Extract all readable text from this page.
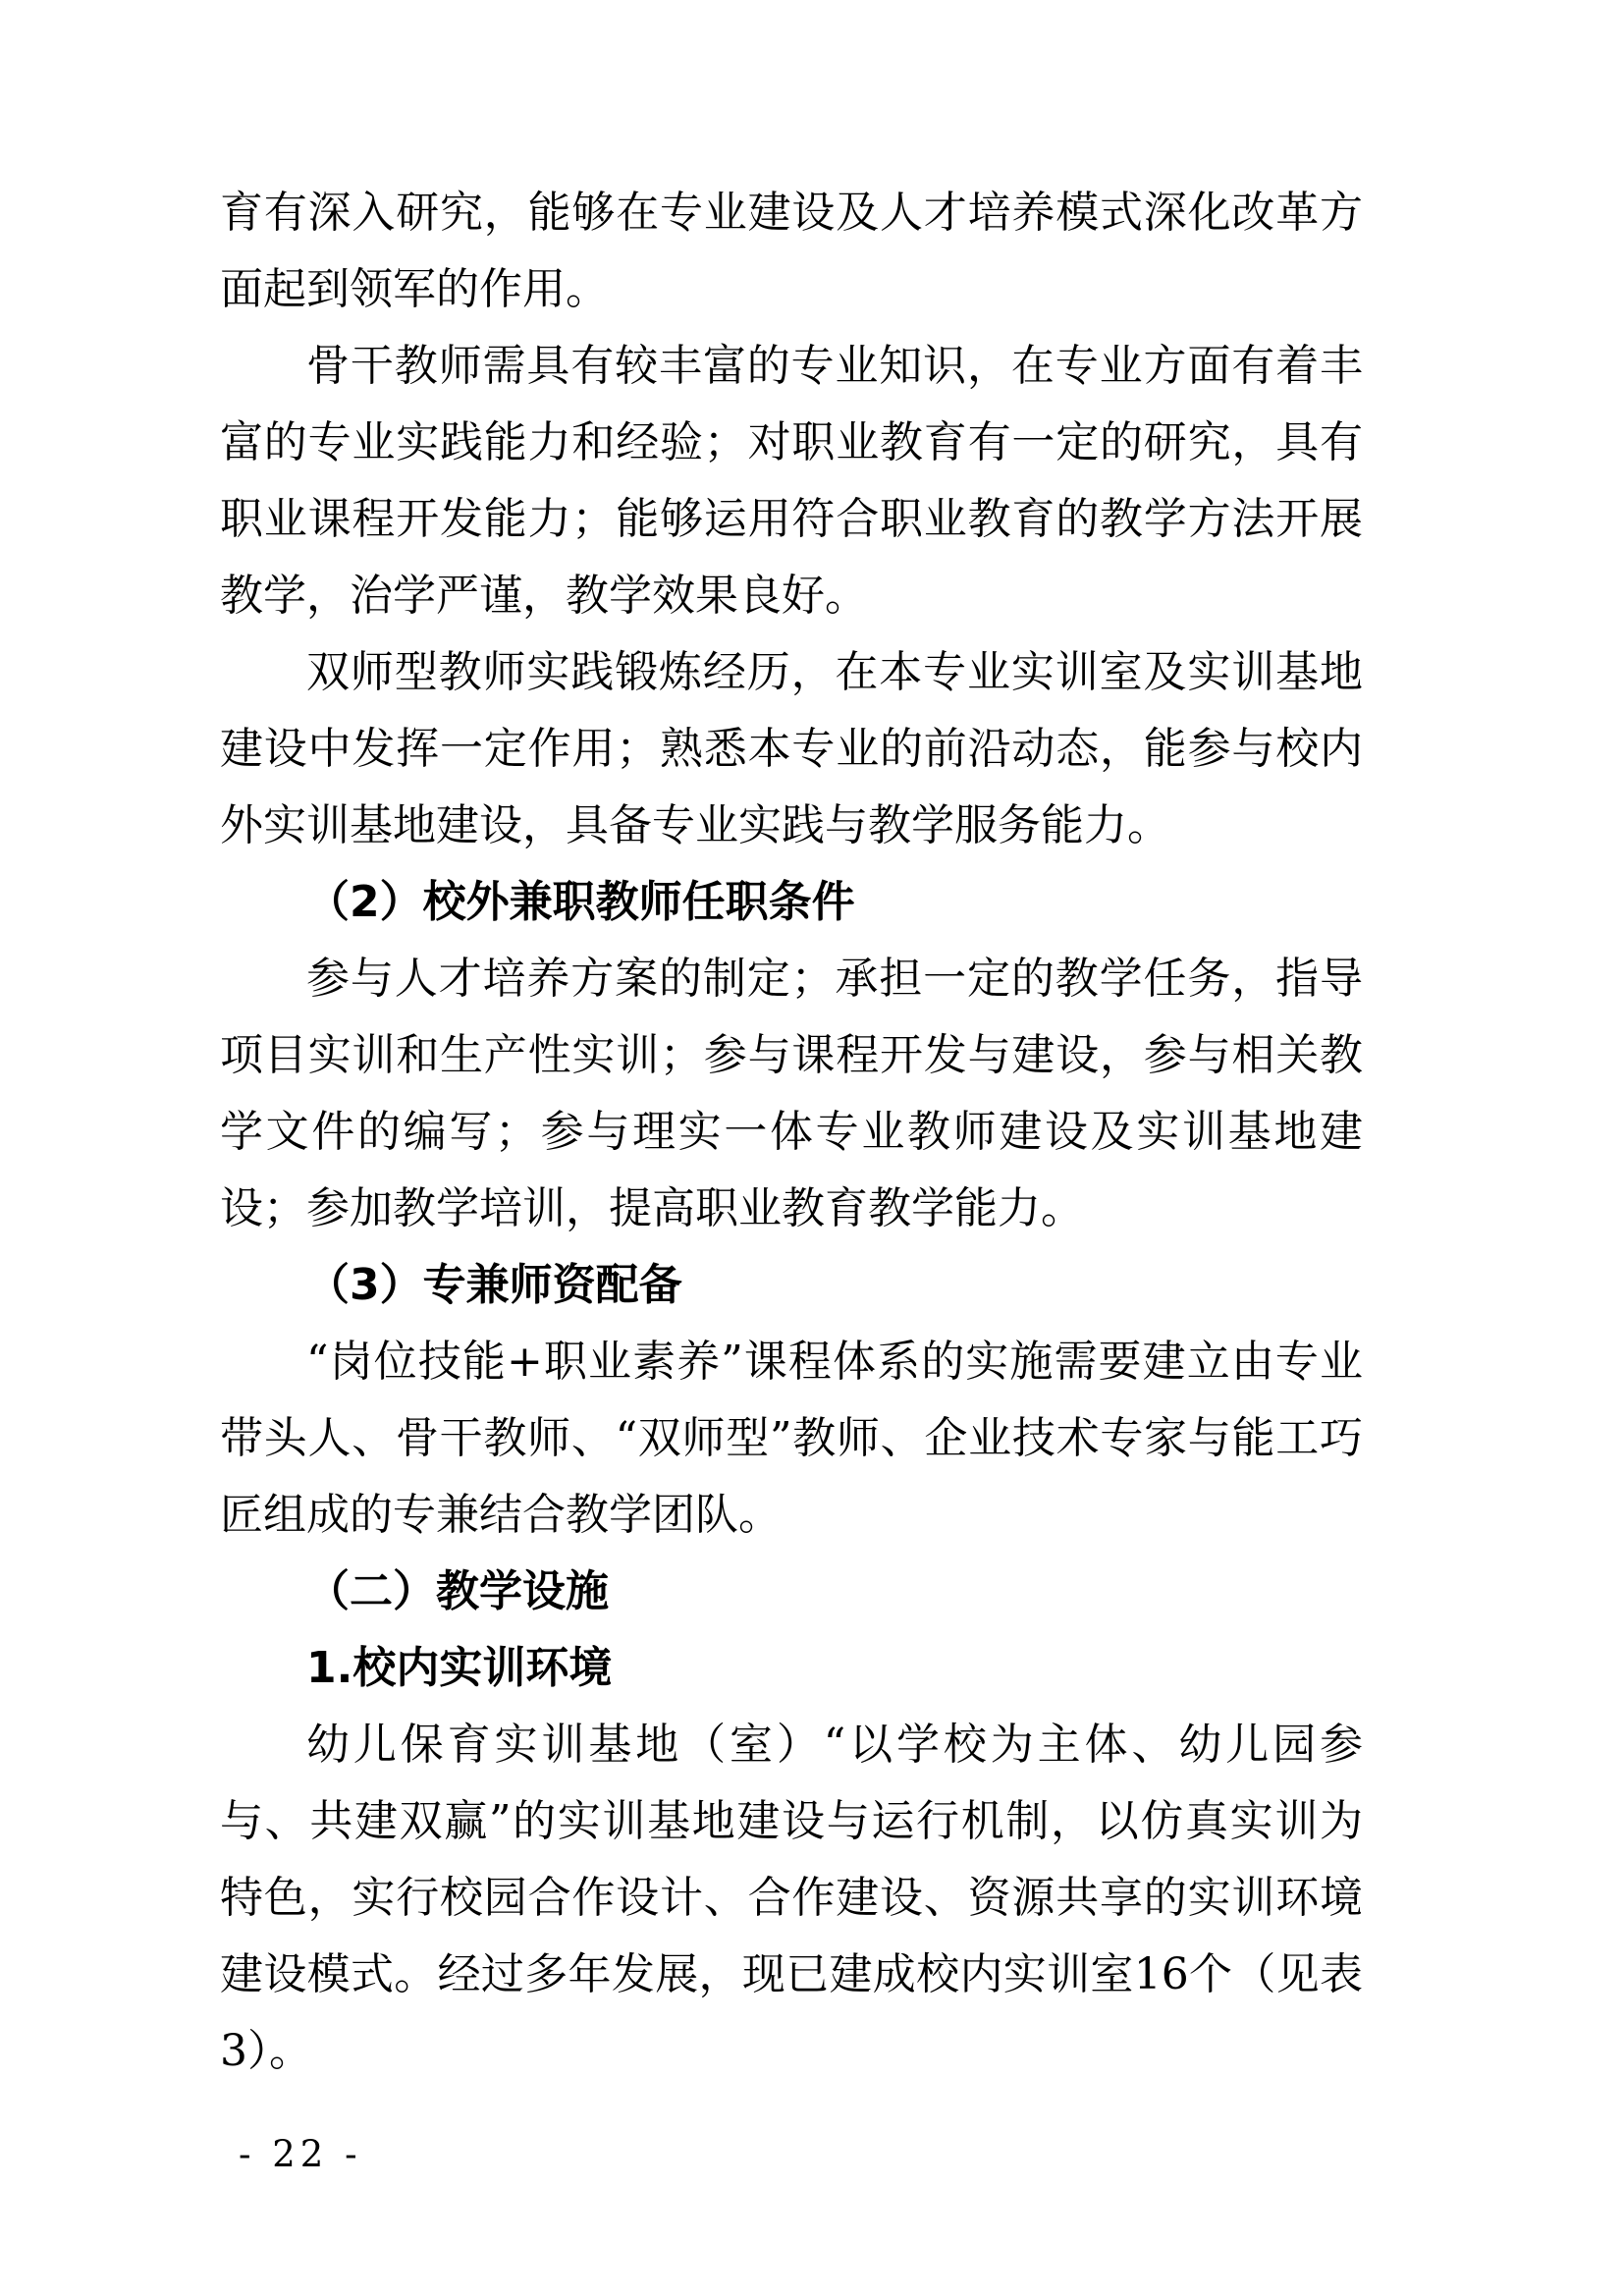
育有深入研究，能够在专业建设及人才培养模式深化改革方面起到领军的作用。

骨干教师需具有较丰富的专业知识，在专业方面有着丰富的专业实践能力和经验；对职业教育有一定的研究，具有职业课程开发能力；能够运用符合职业教育的教学方法开展教学，治学严谨，教学效果良好。

双师型教师实践锻炼经历，在本专业实训室及实训基地建设中发挥一定作用；熟悉本专业的前沿动态，能参与校内外实训基地建设，具备专业实践与教学服务能力。

（2）校外兼职教师任职条件

参与人才培养方案的制定；承担一定的教学任务，指导项目实训和生产性实训；参与课程开发与建设，参与相关教学文件的编写；参与理实一体专业教师建设及实训基地建设；参加教学培训，提高职业教育教学能力。

（3）专兼师资配备

“岗位技能+职业素养”课程体系的实施需要建立由专业带头人、骨干教师、“双师型”教师、企业技术专家与能工巧匠组成的专兼结合教学团队。

（二）教学设施

1.校内实训环境

幼儿保育实训基地（室）“以学校为主体、幼儿园参与、共建双赢”的实训基地建设与运行机制，以仿真实训为特色，实行校园合作设计、合作建设、资源共享的实训环境建设模式。经过多年发展，现已建成校内实训室16个（见表3）。

- 22 -
